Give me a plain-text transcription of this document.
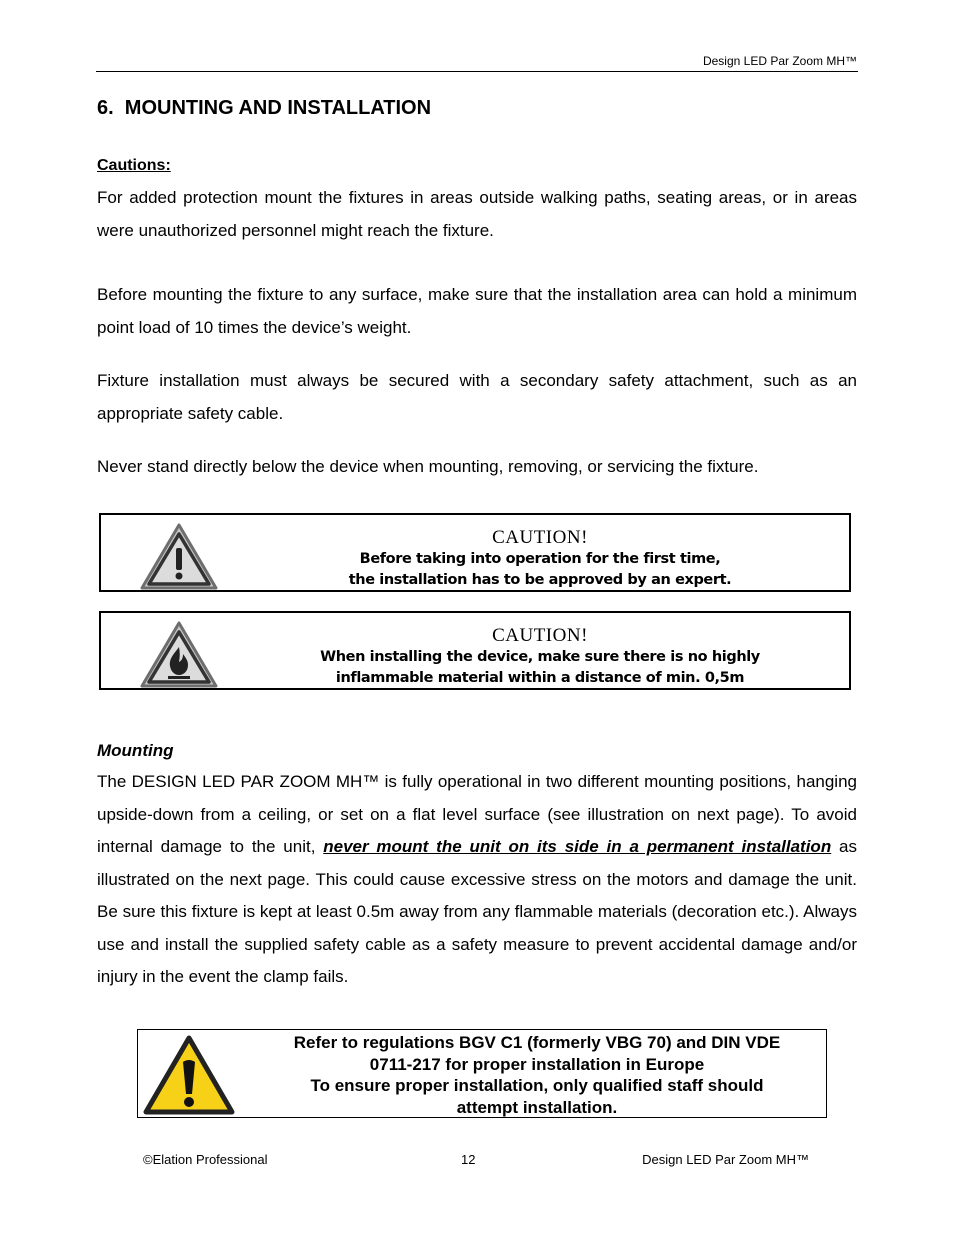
Design LED Par Zoom MH™
6.  MOUNTING AND INSTALLATION
Cautions:
For added protection mount the fixtures in areas outside walking paths, seating areas, or in areas were unauthorized personnel might reach the fixture.
Before mounting the fixture to any surface, make sure that the installation area can hold a minimum point load of 10 times the device’s weight.
Fixture installation must always be secured with a secondary safety attachment, such as an appropriate safety cable.
Never stand directly below the device when mounting, removing, or servicing the fixture.
CAUTION!
Before taking into operation for the first time,
the installation has to be approved by an expert.
CAUTION!
When installing the device, make sure there is no highly
inflammable material within a distance of min. 0,5m
Mounting
The DESIGN LED PAR ZOOM MH™ is fully operational in two different mounting positions, hanging upside-down from a ceiling, or set on a flat level surface (see illustration on next page). To avoid internal damage to the unit, never mount the unit on its side in a permanent installation as illustrated on the next page. This could cause excessive stress on the motors and damage the unit. Be sure this fixture is kept at least 0.5m away from any flammable materials (decoration etc.). Always use and install the supplied safety cable as a safety measure to prevent accidental damage and/or injury in the event the clamp fails.
Refer to regulations BGV C1 (formerly VBG 70) and DIN VDE
0711-217 for proper installation in Europe
To ensure proper installation, only qualified staff should
attempt installation.
©Elation Professional	12	Design LED Par Zoom MH™
